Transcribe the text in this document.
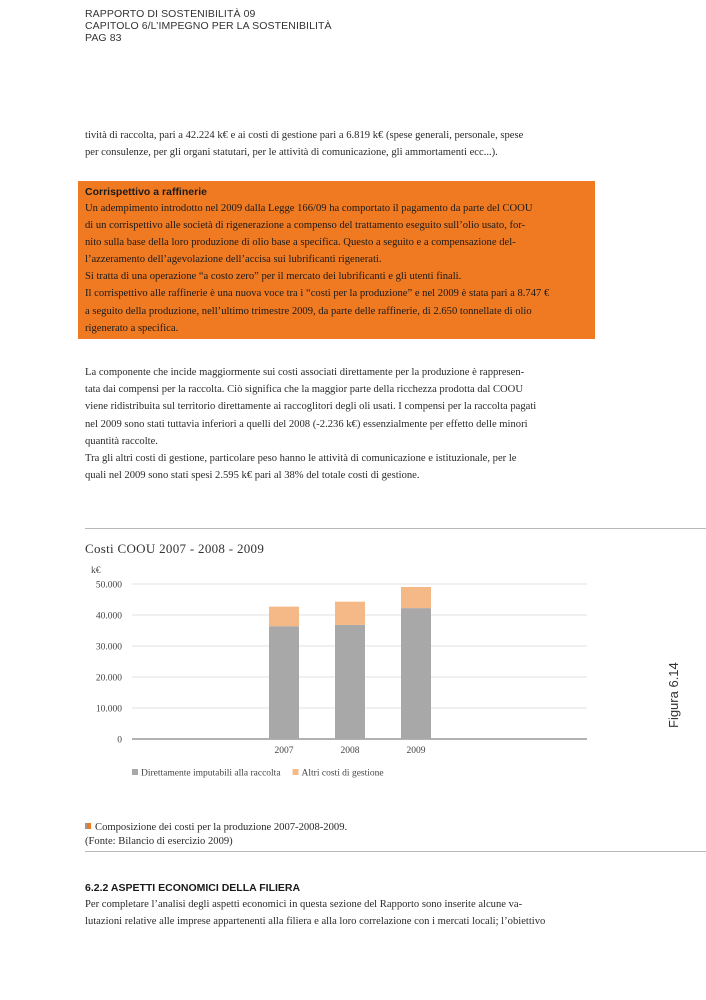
RAPPORTO DI SOSTENIBILITÀ 09
CAPITOLO 6/L’IMPEGNO PER LA SOSTENIBILITÀ
PAG 83

tività di raccolta, pari a 42.224 k€ e ai costi di gestione pari a 6.819 k€ (spese generali, personale, spese

per consulenze, per gli organi statutari, per le attività di comunicazione, gli ammortamenti ecc...).

Corrispettivo a raffinerie

Un adempimento introdotto nel 2009 dalla Legge 166/09 ha comportato il pagamento da parte del COOU

di un corrispettivo alle società di rigenerazione a compenso del trattamento eseguito sull’olio usato, for-

nito sulla base della loro produzione di olio base a specifica. Questo a seguito e a compensazione del-

l’azzeramento dell’agevolazione dell’accisa sui lubrificanti rigenerati.

Si tratta di una operazione “a costo zero” per il mercato dei lubrificanti e gli utenti finali.

Il corrispettivo alle raffinerie è una nuova voce tra i “costi per la produzione” e nel 2009 è stata pari a 8.747 €

a seguito della produzione, nell’ultimo trimestre 2009, da parte delle raffinerie, di 2.650 tonnellate di olio

rigenerato a specifica.

La componente che incide maggiormente sui costi associati direttamente per la produzione è rappresen-

tata dai compensi per la raccolta. Ciò significa che la maggior parte della ricchezza prodotta dal COOU

viene ridistribuita sul territorio direttamente ai raccoglitori degli oli usati. I compensi per la raccolta pagati

nel 2009 sono stati tuttavia inferiori a quelli del 2008 (-2.236 k€) essenzialmente per effetto delle minori

quantità raccolte.

Tra gli altri costi di gestione, particolare peso hanno le attività di comunicazione e istituzionale, per le

quali nel 2009 sono stati spesi 2.595 k€ pari al 38% del totale costi di gestione.

Costi COOU 2007 - 2008 - 2009
k€
50.000
40.000
30.000
20.000
10.000
0
2007	2008	2009
Direttamente imputabili alla raccolta Altri costi di gestione
Figura 6.14
Composizione dei costi per la produzione 2007-2008-2009.
(Fonte: Bilancio di esercizio 2009)
6.2.2 ASPETTI ECONOMICI DELLA FILIERA

Per completare l’analisi degli aspetti economici in questa sezione del Rapporto sono inserite alcune va-

lutazioni relative alle imprese appartenenti alla filiera e alla loro correlazione con i mercati locali; l’obiettivo
